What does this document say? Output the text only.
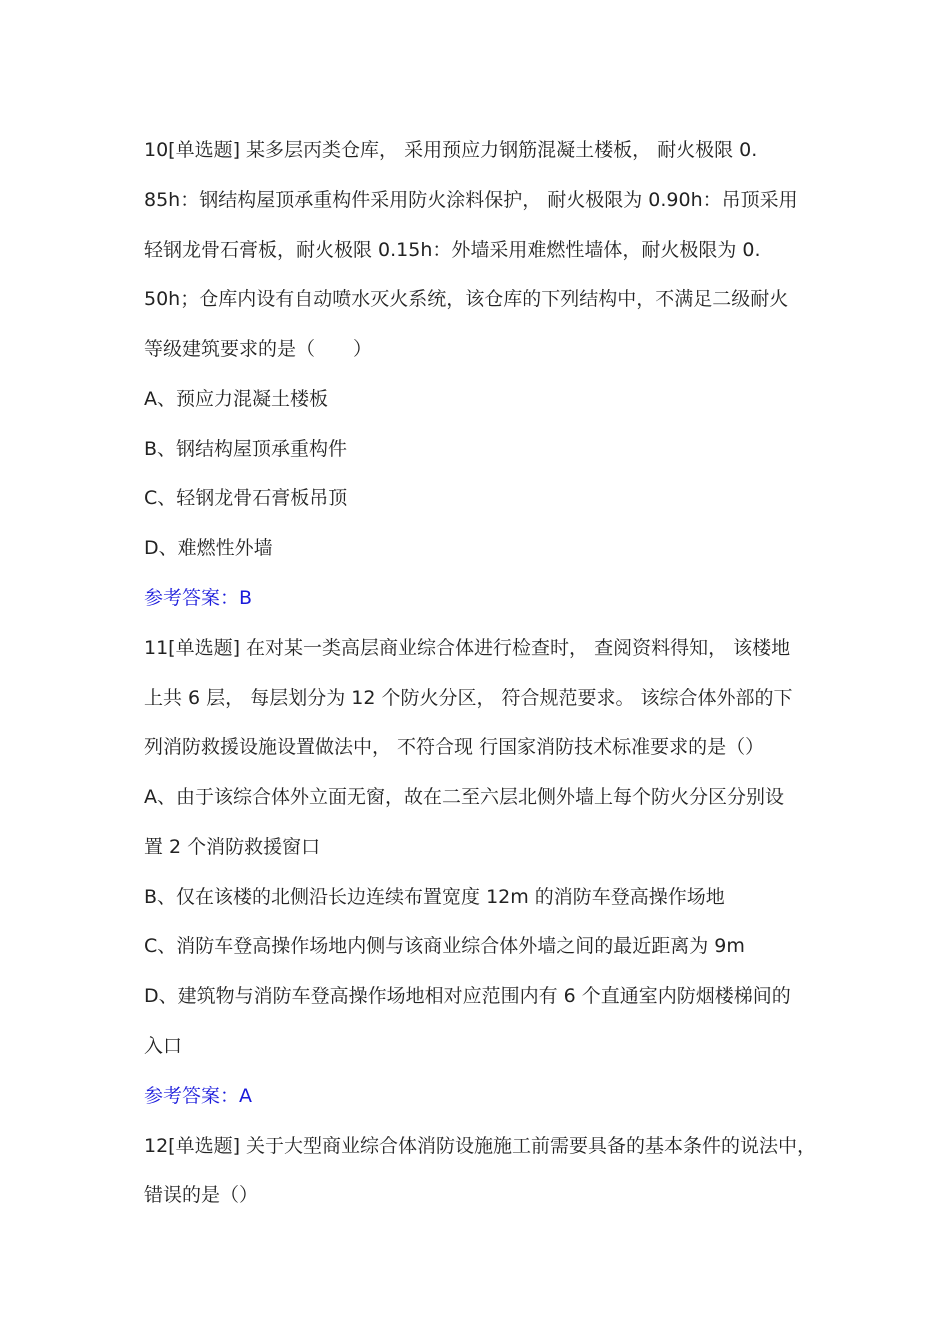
10[单选题] 某多层丙类仓库， 采用预应力钢筋混凝土楼板， 耐火极限 0.
85h：钢结构屋顶承重构件采用防火涂料保护， 耐火极限为 0.90h：吊顶采用
轻钢龙骨石膏板，耐火极限 0.15h：外墙采用难燃性墙体，耐火极限为 0.
50h；仓库内设有自动喷水灭火系统，该仓库的下列结构中，不满足二级耐火
等级建筑要求的是（　　）
A、预应力混凝土楼板
B、钢结构屋顶承重构件
C、轻钢龙骨石膏板吊顶
D、难燃性外墙
参考答案：B
11[单选题] 在对某一类高层商业综合体进行检查时， 查阅资料得知， 该楼地
上共 6 层， 每层划分为 12 个防火分区， 符合规范要求。 该综合体外部的下
列消防救援设施设置做法中， 不符合现 行国家消防技术标准要求的是（）
A、由于该综合体外立面无窗，故在二至六层北侧外墙上每个防火分区分别设
置 2 个消防救援窗口
B、仅在该楼的北侧沿长边连续布置宽度 12m 的消防车登高操作场地
C、消防车登高操作场地内侧与该商业综合体外墙之间的最近距离为 9m
D、建筑物与消防车登高操作场地相对应范围内有 6 个直通室内防烟楼梯间的
入口
参考答案：A
12[单选题] 关于大型商业综合体消防设施施工前需要具备的基本条件的说法中，
错误的是（）
